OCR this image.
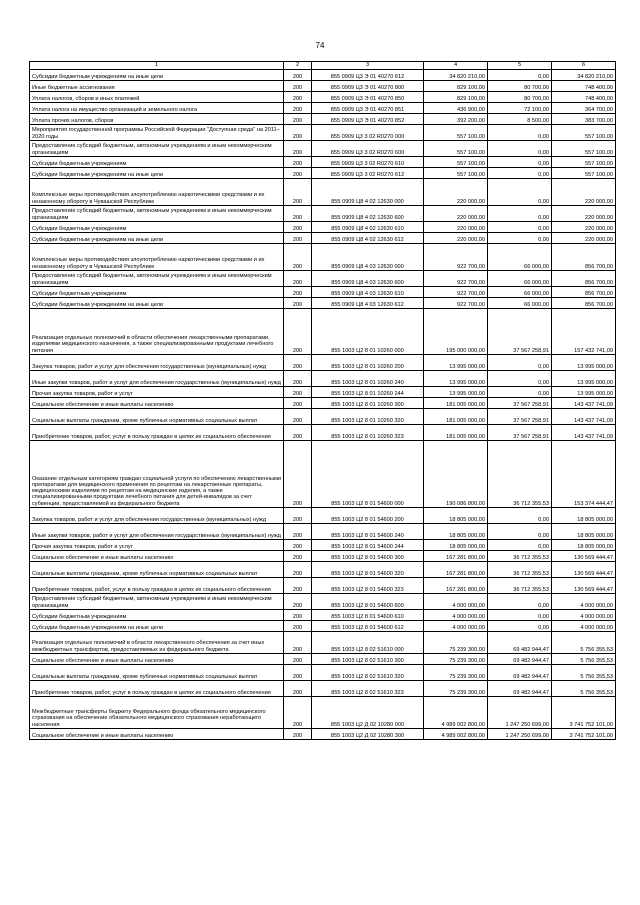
74
1	2	3	4	5	6
Субсидии бюджетным учреждениям на иные цели	200	855 0909 Ц3 Э 01 40270 612	34 820 210,00	0,00	34 820 210,00
Иные бюджетные ассигнования	200	855 0909 Ц3 Э 01 40270 800	829 100,00	80 700,00	748 400,00
Уплата налогов, сборов и иных платежей	200	855 0909 Ц3 Э 01 40270 850	829 100,00	80 700,00	748 400,00
Уплата налога на имущество организаций и земельного налога	200	855 0909 Ц3 Э 01 40270 851	436 900,00	72 100,00	364 700,00
Уплата прочих налогов, сборов	200	855 0909 Ц3 Э 01 40270 852	392 200,00	8 500,00	383 700,00
Мероприятия государственной программы Российской Федерации "Доступная среда" на 2011–2020 годы	200	855 0909 Ц3 3 02 R0270 000	557 100,00	0,00	557 100,00
Предоставление субсидий бюджетным, автономным учреждениям и иным некоммерческим организациям	200	855 0909 Ц3 3 02 R0270 600	557 100,00	0,00	557 100,00
Субсидии бюджетным учреждениям	200	855 0909 Ц3 3 02 R0270 610	557 100,00	0,00	557 100,00
Субсидии бюджетным учреждениям на иные цели	200	855 0909 Ц3 3 02 R0270 612	557 100,00	0,00	557 100,00
Комплексные меры противодействия злоупотреблению наркотическими средствами и их незаконному обороту в Чувашской Республике	200	855 0909 Ц8 4 02 12630 000	220 000,00	0,00	220 000,00
Предоставление субсидий бюджетным, автономным учреждениям и иным некоммерческим организациям	200	855 0909 Ц8 4 02 12630 600	220 000,00	0,00	220 000,00
Субсидии бюджетным учреждениям	200	855 0909 Ц8 4 02 12630 610	220 000,00	0,00	220 000,00
Субсидии бюджетным учреждениям на иные цели	200	855 0909 Ц8 4 02 12630 612	220 000,00	0,00	220 000,00
Комплексные меры противодействия злоупотреблению наркотическими средствами и их незаконному обороту в Чувашской Республике	200	855 0909 Ц8 4 03 12630 000	922 700,00	66 000,00	856 700,00
Предоставление субсидий бюджетным, автономным учреждениям и иным некоммерческим организациям	200	855 0909 Ц8 4 03 12630 600	922 700,00	66 000,00	856 700,00
Субсидии бюджетным учреждениям	200	855 0909 Ц8 4 03 12630 610	922 700,00	66 000,00	856 700,00
Субсидии бюджетным учреждениям на иные цели	200	855 0909 Ц8 4 03 12630 612	922 700,00	66 000,00	856 700,00
Реализация отдельных полномочий в области обеспечения лекарственными препаратами, изделиями медицинского назначения, а также специализированными продуктами лечебного питания	200	855 1003 Ц2 8 01 10260 000	195 000 000,00	37 567 258,91	157 432 741,09
Закупка товаров, работ и услуг для обеспечения государственных (муниципальных) нужд	200	855 1003 Ц2 8 01 10260 200	13 995 000,00	0,00	13 995 000,00
Иные закупки товаров, работ и услуг для обеспечения государственных (муниципальных) нужд	200	855 1003 Ц2 8 01 10260 240	13 995 000,00	0,00	13 995 000,00
Прочая закупка товаров, работ и услуг	200	855 1003 Ц2 8 01 10260 244	13 995 000,00	0,00	13 995 000,00
Социальное обеспечение и иные выплаты населению	200	855 1003 Ц2 8 01 10260 300	181 005 000,00	37 567 258,91	143 437 741,09
Социальные выплаты гражданам, кроме публичных нормативных социальных выплат	200	855 1003 Ц2 8 01 10260 320	181 005 000,00	37 567 258,91	143 437 741,09
Приобретение товаров, работ, услуг в пользу граждан в целях их социального обеспечения	200	855 1003 Ц2 8 01 10260 323	181 005 000,00	37 567 258,91	143 437 741,09
Оказание отдельным категориям граждан социальной услуги по обеспечению лекарственными препаратами для медицинского применения по рецептам на лекарственные препараты, медицинскими изделиями по рецептам на медицинские изделия, а также специализированными продуктами лечебного питания для детей-инвалидов за счет субвенции, предоставляемой из федерального бюджета	200	855 1003 Ц2 8 01 54600 000	190 086 800,00	36 712 355,53	153 374 444,47
Закупка товаров, работ и услуг для обеспечения государственных (муниципальных) нужд	200	855 1003 Ц2 8 01 54600 200	18 805 000,00	0,00	18 805 000,00
Иные закупки товаров, работ и услуг для обеспечения государственных (муниципальных) нужд	200	855 1003 Ц2 8 01 54600 240	18 805 000,00	0,00	18 805 000,00
Прочая закупка товаров, работ и услуг	200	855 1003 Ц2 8 01 54600 244	18 805 000,00	0,00	18 805 000,00
Социальное обеспечение и иные выплаты населению	200	855 1003 Ц2 8 01 54600 300	167 281 800,00	36 712 355,53	130 569 444,47
Социальные выплаты гражданам, кроме публичных нормативных социальных выплат	200	855 1003 Ц2 8 01 54600 320	167 281 800,00	36 712 355,53	130 569 444,47
Приобретение товаров, работ, услуг в пользу граждан в целях их социального обеспечения	200	855 1003 Ц2 8 01 54600 323	167 281 800,00	36 712 355,53	130 569 444,47
Предоставление субсидий бюджетным, автономным учреждениям и иным некоммерческим организациям	200	855 1003 Ц2 8 01 54600 600	4 000 000,00	0,00	4 000 000,00
Субсидии бюджетным учреждениям	200	855 1003 Ц2 8 01 54600 610	4 000 000,00	0,00	4 000 000,00
Субсидии бюджетным учреждениям на иные цели	200	855 1003 Ц2 8 01 54600 612	4 000 000,00	0,00	4 000 000,00
Реализация отдельных полномочий в области лекарственного обеспечения за счет иных межбюджетных трансфертов, предоставляемых из федерального бюджета	200	855 1003 Ц2 8 02 51610 000	75 239 300,00	69 482 944,47	5 756 355,53
Социальное обеспечение и иные выплаты населению	200	855 1003 Ц2 8 02 51610 300	75 239 300,00	69 482 944,47	5 756 355,53
Социальные выплаты гражданам, кроме публичных нормативных социальных выплат	200	855 1003 Ц2 8 02 51610 320	75 239 300,00	69 482 944,47	5 756 355,53
Приобретение товаров, работ, услуг в пользу граждан в целях их социального обеспечения	200	855 1003 Ц2 8 02 51610 323	75 239 300,00	69 482 944,47	5 756 355,53
Межбюджетные трансферты бюджету Федерального фонда обязательного медицинского страхования на обеспечение обязательного медицинского страхования неработающего населения	200	855 1003 Ц2 Д 02 10280 000	4 989 002 800,00	1 247 250 699,00	3 741 752 101,00
Социальное обеспечение и иные выплаты населению	200	855 1003 Ц2 Д 02 10280 300	4 989 002 800,00	1 247 250 699,00	3 741 752 101,00
